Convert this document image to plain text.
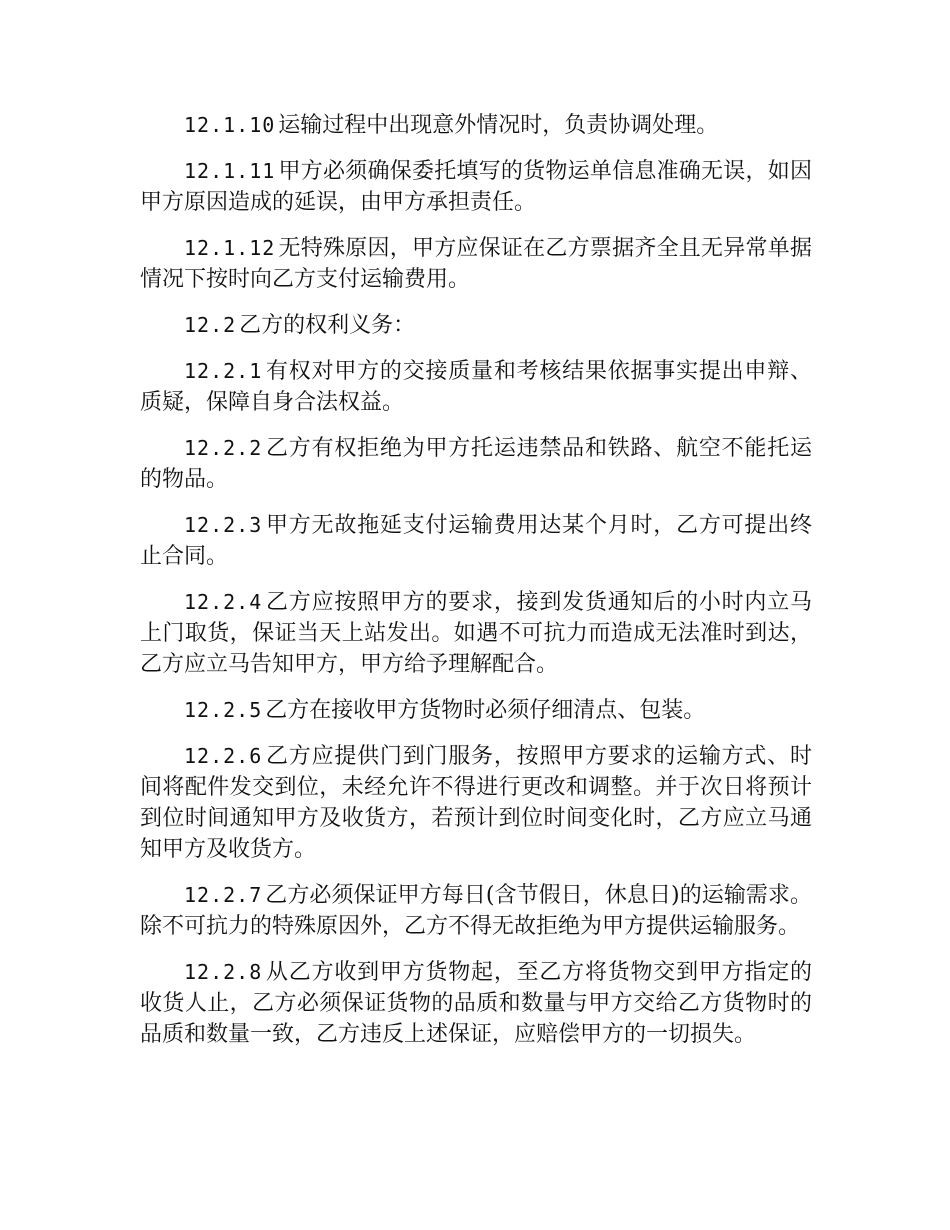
12.1.10 运输过程中出现意外情况时，负责协调处理。

12.1.11 甲方必须确保委托填写的货物运单信息准确无误，如因甲方原因造成的延误，由甲方承担责任。

12.1.12 无特殊原因，甲方应保证在乙方票据齐全且无异常单据情况下按时向乙方支付运输费用。

12.2 乙方的权利义务：

12.2.1 有权对甲方的交接质量和考核结果依据事实提出申辩、质疑，保障自身合法权益。

12.2.2 乙方有权拒绝为甲方托运违禁品和铁路、航空不能托运的物品。

12.2.3 甲方无故拖延支付运输费用达某个月时，乙方可提出终止合同。

12.2.4 乙方应按照甲方的要求，接到发货通知后的小时内立马上门取货，保证当天上站发出。如遇不可抗力而造成无法准时到达，乙方应立马告知甲方，甲方给予理解配合。

12.2.5 乙方在接收甲方货物时必须仔细清点、包装。

12.2.6 乙方应提供门到门服务，按照甲方要求的运输方式、时间将配件发交到位，未经允许不得进行更改和调整。并于次日将预计到位时间通知甲方及收货方，若预计到位时间变化时，乙方应立马通知甲方及收货方。

12.2.7 乙方必须保证甲方每日(含节假日，休息日)的运输需求。除不可抗力的特殊原因外，乙方不得无故拒绝为甲方提供运输服务。

12.2.8 从乙方收到甲方货物起，至乙方将货物交到甲方指定的收货人止，乙方必须保证货物的品质和数量与甲方交给乙方货物时的品质和数量一致，乙方违反上述保证，应赔偿甲方的一切损失。
